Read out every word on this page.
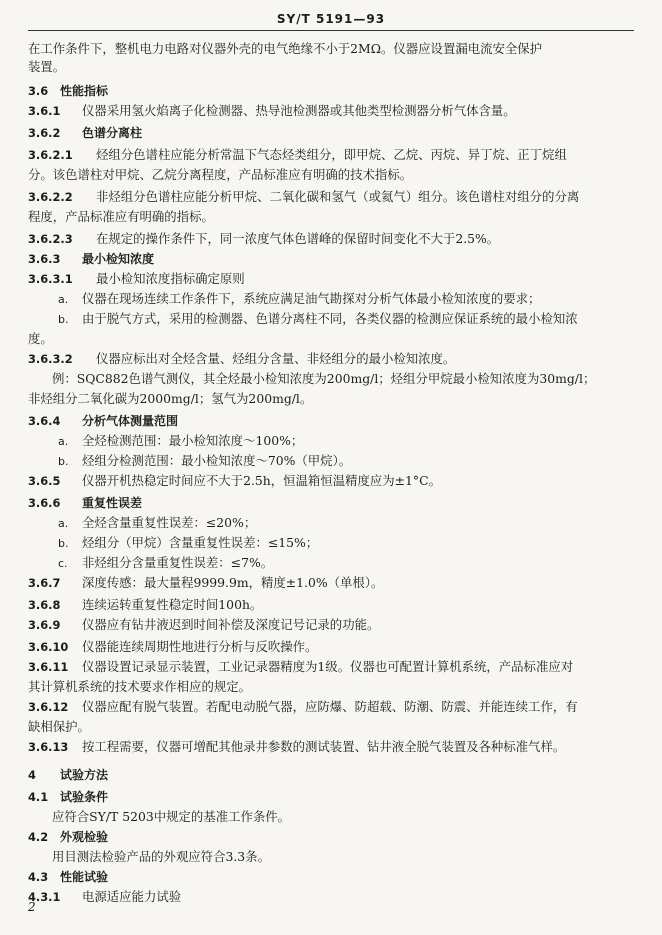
SY/T 5191—93
在工作条件下，整机电力电路对仪器外壳的电气绝缘不小于2MΩ。仪器应设置漏电流安全保护
装置。
3.6 性能指标
3.6.1 仪器采用氢火焰离子化检测器、热导池检测器或其他类型检测器分析气体含量。
3.6.2 色谱分离柱
3.6.2.1 烃组分色谱柱应能分析常温下气态烃类组分，即甲烷、乙烷、丙烷、异丁烷、正丁烷组
分。该色谱柱对甲烷、乙烷分离程度，产品标准应有明确的技术指标。
3.6.2.2 非烃组分色谱柱应能分析甲烷、二氧化碳和氢气（或氦气）组分。该色谱柱对组分的分离
程度，产品标准应有明确的指标。
3.6.2.3 在规定的操作条件下，同一浓度气体色谱峰的保留时间变化不大于2.5%。
3.6.3 最小检知浓度
3.6.3.1 最小检知浓度指标确定原则
a. 仪器在现场连续工作条件下，系统应满足油气勘探对分析气体最小检知浓度的要求；
b. 由于脱气方式，采用的检测器、色谱分离柱不同，各类仪器的检测应保证系统的最小检知浓
度。
3.6.3.2 仪器应标出对全烃含量、烃组分含量、非烃组分的最小检知浓度。
例：SQC882色谱气测仪，其全烃最小检知浓度为200mg/l；烃组分甲烷最小检知浓度为30mg/l；
非烃组分二氧化碳为2000mg/l；氢气为200mg/l。
3.6.4 分析气体测量范围
a. 全烃检测范围：最小检知浓度～100%；
b. 烃组分检测范围：最小检知浓度～70%（甲烷）。
3.6.5 仪器开机热稳定时间应不大于2.5h，恒温箱恒温精度应为±1°C。
3.6.6 重复性误差
a. 全烃含量重复性误差：≤20%；
b. 烃组分（甲烷）含量重复性误差：≤15%；
c. 非烃组分含量重复性误差：≤7%。
3.6.7 深度传感：最大量程9999.9m，精度±1.0%（单根）。
3.6.8 连续运转重复性稳定时间100h。
3.6.9 仪器应有钻井液迟到时间补偿及深度记号记录的功能。
3.6.10 仪器能连续周期性地进行分析与反吹操作。
3.6.11 仪器设置记录显示装置，工业记录器精度为1级。仪器也可配置计算机系统，产品标准应对
其计算机系统的技术要求作相应的规定。
3.6.12 仪器应配有脱气装置。若配电动脱气器，应防爆、防超载、防潮、防震、并能连续工作，有
缺相保护。
3.6.13 按工程需要，仪器可增配其他录井参数的测试装置、钻井液全脱气装置及各种标准气样。
4 试验方法
4.1 试验条件
应符合SY/T 5203中规定的基准工作条件。
4.2 外观检验
用目测法检验产品的外观应符合3.3条。
4.3 性能试验
4.3.1 电源适应能力试验
2
